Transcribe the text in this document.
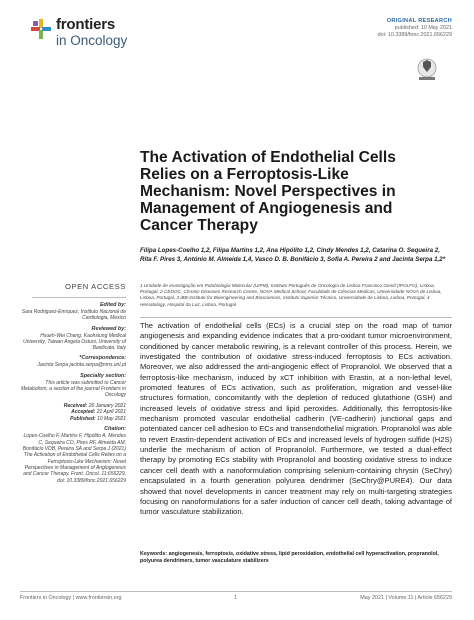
frontiers
in Oncology
ORIGINAL RESEARCH
published: 10 May 2021
doi: 10.3389/fonc.2021.656229
The Activation of Endothelial Cells Relies on a Ferroptosis-Like Mechanism: Novel Perspectives in Management of Angiogenesis and Cancer Therapy
Filipa Lopes-Coelho 1,2, Filipa Martins 1,2, Ana Hipólito 1,2, Cindy Mendes 1,2, Catarina O. Sequeira 2, Rita F. Pires 3, António M. Almeida 1,4, Vasco D. B. Bonifácio 3, Sofia A. Pereira 2 and Jacinta Serpa 1,2*
1 Unidade de Investigação em Patobiologia Molecular (UIPM), Instituto Português de Oncologia de Lisboa Francisco Gentil (IPOLFG), Lisboa, Portugal, 2 CEDOC, Chronic Diseases Research Centre, NOVA Medical School, Faculdade de Ciências Médicas, Universidade NOVA de Lisboa, Lisboa, Portugal, 3 iBB-Institute for Bioengineering and Biosciences, Instituto Superior Técnico, Universidade de Lisboa, Lisboa, Portugal, 4 Hematology, Hospital da Luz, Lisboa, Portugal
OPEN ACCESS
Edited by:
Sara Rodriguez-Enriquez, Instituto Nacional de Cardiologia, Mexico
Reviewed by:
Hsueh-Wei Chang, Kaohsiung Medical University, Taiwan Angela Ostuni, University of Basilicata, Italy
*Correspondence:
Jacinta Serpa jacinta.serpa@nms.unl.pt
Specialty section:
This article was submitted to Cancer Metabolism, a section of the journal Frontiers in Oncology
Received: 20 January 2021
Accepted: 21 April 2021
Published: 10 May 2021
Citation:
Lopes-Coelho F, Martins F, Hipólito A, Mendes C, Sequeira CO, Pires RF, Almeida AM, Bonifácio VDB, Pereira SA and Serpa J (2021) The Activation of Endothelial Cells Relies on a Ferroptosis-Like Mechanism: Novel Perspectives in Management of Angiogenesis and Cancer Therapy. Front. Oncol. 11:656229. doi: 10.3389/fonc.2021.656229
The activation of endothelial cells (ECs) is a crucial step on the road map of tumor angiogenesis and expanding evidence indicates that a pro-oxidant tumor microenvironment, conditioned by cancer metabolic rewiring, is a relevant controller of this process. Herein, we investigated the contribution of oxidative stress-induced ferroptosis to ECs activation. Moreover, we also addressed the anti-angiogenic effect of Propranolol. We observed that a ferroptosis-like mechanism, induced by xCT inhibition with Erastin, at a non-lethal level, promoted features of ECs activation, such as proliferation, migration and vessel-like structures formation, concomitantly with the depletion of reduced glutathione (GSH) and increased levels of oxidative stress and lipid peroxides. Additionally, this ferroptosis-like mechanism promoted vascular endothelial cadherin (VE-cadherin) junctional gaps and potentiated cancer cell adhesion to ECs and transendothelial migration. Propranolol was able to revert Erastin-dependent activation of ECs and increased levels of hydrogen sulfide (H2S) underlie the mechanism of action of Propranolol. Furthermore, we tested a dual-effect therapy by promoting ECs stability with Propranolol and boosting oxidative stress to induce cancer cell death with a nanoformulation comprising selenium-containing chrysin (SeChry) encapsulated in a fourth generation polyurea dendrimer (SeChry@PURE4). Our data showed that novel developments in cancer treatment may rely on multi-targeting strategies focusing on nanoformulations for a safer induction of cancer cell death, taking advantage of tumor vasculature stabilization.
Keywords: angiogenesis, ferroptosis, oxidative stress, lipid peroxidation, endothelial cell hyperactivation, propranolol, polyurea dendrimers, tumor vasculature stabilizers
Frontiers in Oncology | www.frontiersin.org	1	May 2021 | Volume 11 | Article 656229
